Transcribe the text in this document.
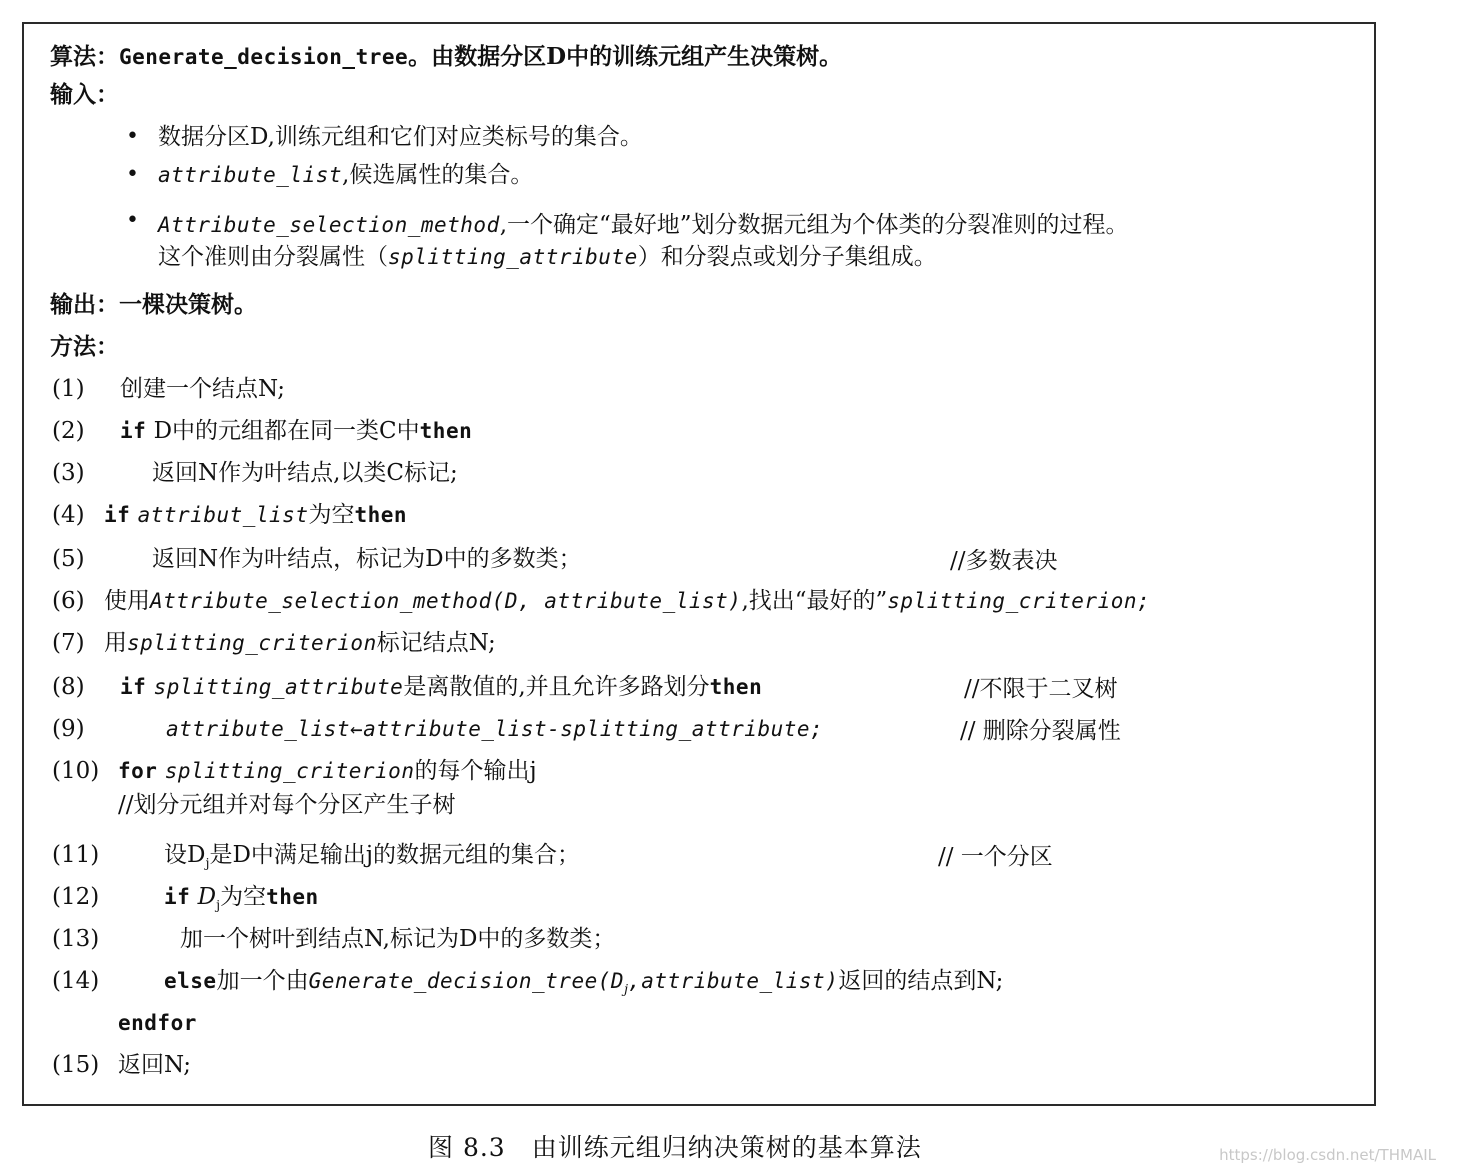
算法：Generate_decision_tree。由数据分区D中的训练元组产生决策树。
输入：
• 数据分区D,训练元组和它们对应类标号的集合。
• attribute_list,候选属性的集合。
• Attribute_selection_method,一个确定“最好地”划分数据元组为个体类的分裂准则的过程。
这个准则由分裂属性（splitting_attribute）和分裂点或划分子集组成。
输出：一棵决策树。
方法：
(1) 创建一个结点N;
(2) if D中的元组都在同一类C中then
(3)	返回N作为叶结点,以类C标记;
(4) if attribut_list为空then
(5)	返回N作为叶结点，标记为D中的多数类；	//多数表决
(6) 使用Attribute_selection_method(D, attribute_list),找出“最好的”splitting_criterion;
(7) 用splitting_criterion标记结点N;
(8) if splitting_attribute是离散值的,并且允许多路划分then	//不限于二叉树
(9)	attribute_list←attribute_list-splitting_attribute;	// 删除分裂属性
(10) for splitting_criterion的每个输出j
//划分元组并对每个分区产生子树
(11)	设$D_j$是D中满足输出j的数据元组的集合；	// 一个分区
(12)	if $D_j$为空then
(13)	加一个树叶到结点N,标记为D中的多数类；
(14)	else加一个由$Generate\_decision\_tree(D_j,attribute\_list)$返回的结点到N;
endfor
(15) 返回N;
图 8.3　由训练元组归纳决策树的基本算法	https://blog.csdn.net/THMAIL
